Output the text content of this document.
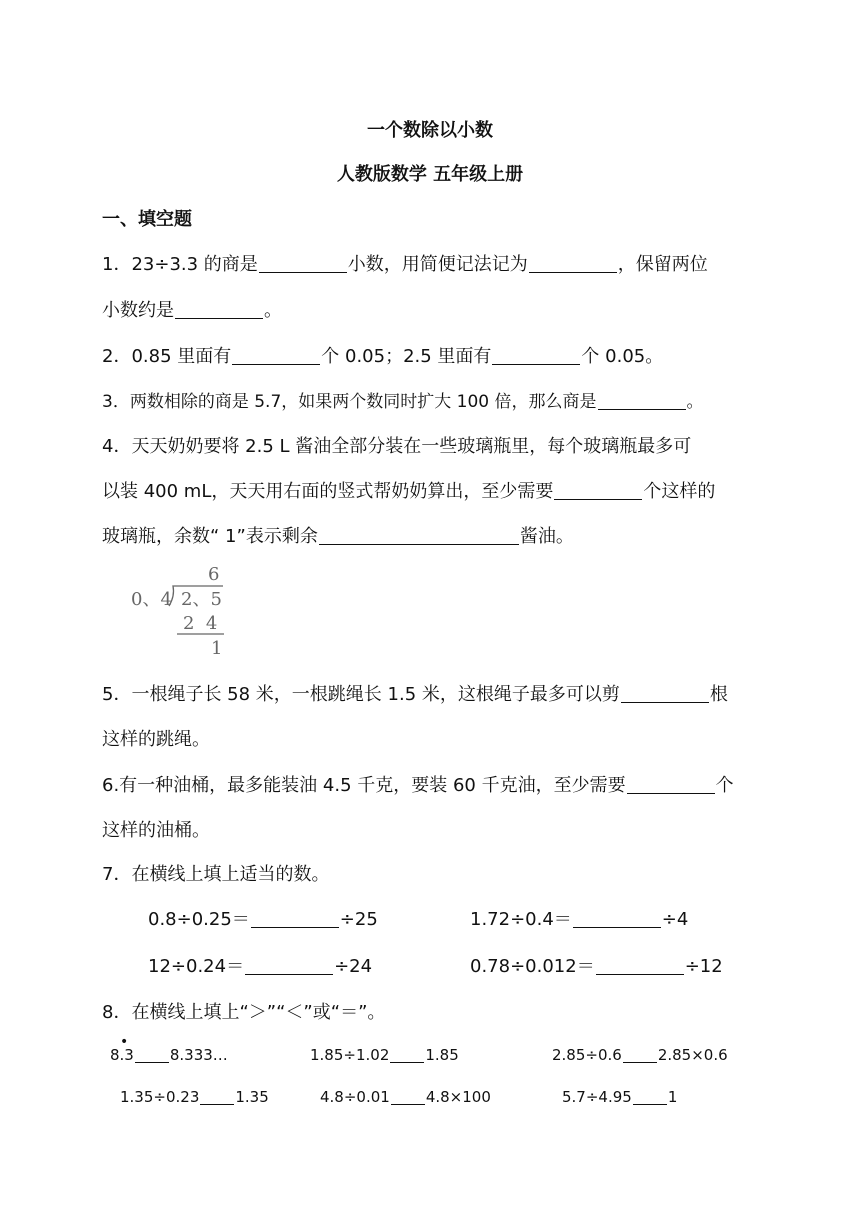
一个数除以小数
人教版数学 五年级上册
一、填空题
1．23÷3.3 的商是	小数，用简便记法记为	，保留两位
小数约是	。
2．0.85 里面有	个 0.05；2.5 里面有	个 0.05。
3．两数相除的商是 5.7，如果两个数同时扩大 100 倍，那么商是	。
4．天天奶奶要将 2.5 L 酱油全部分装在一些玻璃瓶里，每个玻璃瓶最多可
以装 400 mL，天天用右面的竖式帮奶奶算出，至少需要	个这样的
玻璃瓶，余数“ 1”表示剩余	酱油。
6
0、4 2、5
2  4
1
5．一根绳子长 58 米，一根跳绳长 1.5 米，这根绳子最多可以剪	根
这样的跳绳。
6.有一种油桶，最多能装油 4.5 千克，要装 60 千克油，至少需要	个
这样的油桶。
7．在横线上填上适当的数。
0.8÷0.25＝	÷25	1.72÷0.4＝	÷4
12÷0.24＝	÷24	0.78÷0.012＝	÷12
8．在横线上填上“＞”“＜”或“＝”。
•
8.3 8.333…	1.85÷1.02 1.85	2.85÷0.6 2.85×0.6
1.35÷0.23 1.35	4.8÷0.01 4.8×100	5.7÷4.95 1
